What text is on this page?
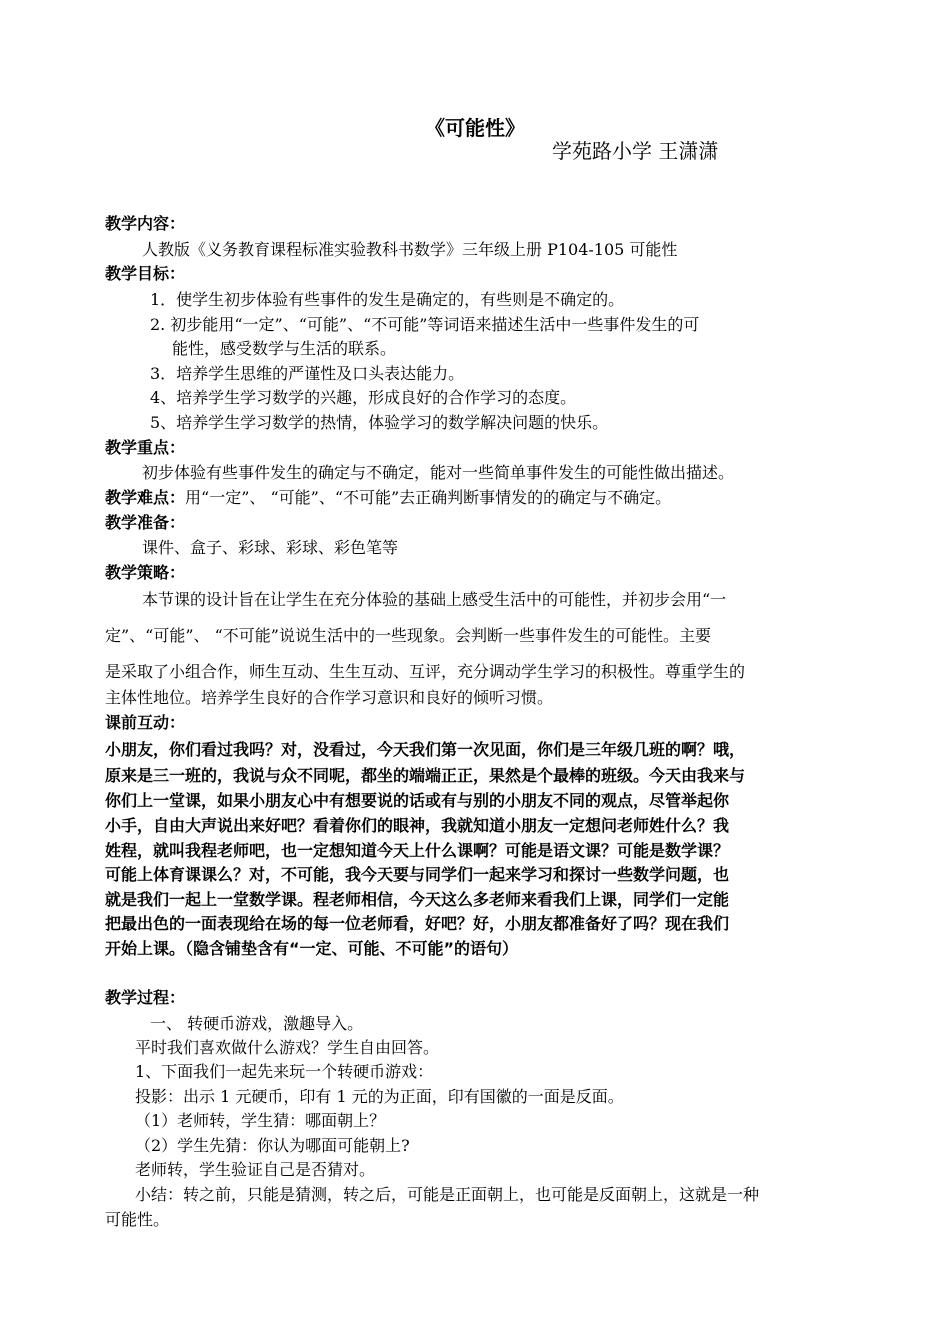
《可能性》
学苑路小学 王潇潇
教学内容：
人教版《义务教育课程标准实验教科书数学》三年级上册 P104-105 可能性
教学目标：
1．使学生初步体验有些事件的发生是确定的，有些则是不确定的。
2. 初步能用“一定”、“可能”、“不可能”等词语来描述生活中一些事件发生的可
能性，感受数学与生活的联系。
3．培养学生思维的严谨性及口头表达能力。
4、培养学生学习数学的兴趣，形成良好的合作学习的态度。
5、培养学生学习数学的热情，体验学习的数学解决问题的快乐。
教学重点：
初步体验有些事件发生的确定与不确定，能对一些简单事件发生的可能性做出描述。
教学难点：用“一定”、 “可能”、“不可能”去正确判断事情发的的确定与不确定。
教学准备：
课件、盒子、彩球、彩球、彩色笔等
教学策略：
本节课的设计旨在让学生在充分体验的基础上感受生活中的可能性，并初步会用“一
定”、“可能”、 “不可能”说说生活中的一些现象。会判断一些事件发生的可能性。主要
是采取了小组合作，师生互动、生生互动、互评，充分调动学生学习的积极性。尊重学生的
主体性地位。培养学生良好的合作学习意识和良好的倾听习惯。
课前互动：
小朋友，你们看过我吗？对，没看过，今天我们第一次见面，你们是三年级几班的啊？哦，
原来是三一班的，我说与众不同呢，都坐的端端正正，果然是个最棒的班级。今天由我来与
你们上一堂课，如果小朋友心中有想要说的话或有与别的小朋友不同的观点，尽管举起你
小手，自由大声说出来好吧？看着你们的眼神，我就知道小朋友一定想问老师姓什么？我
姓程，就叫我程老师吧，也一定想知道今天上什么课啊？可能是语文课？可能是数学课？
可能上体育课课么？对，不可能，我今天要与同学们一起来学习和探讨一些数学问题，也
就是我们一起上一堂数学课。程老师相信，今天这么多老师来看我们上课，同学们一定能
把最出色的一面表现给在场的每一位老师看，好吧？好，小朋友都准备好了吗？现在我们
开始上课。（隐含铺垫含有“一定、可能、不可能”的语句）
教学过程：
一、 转硬币游戏，激趣导入。
平时我们喜欢做什么游戏？学生自由回答。
1、下面我们一起先来玩一个转硬币游戏：
投影：出示 1 元硬币，印有 1 元的为正面，印有国徽的一面是反面。
（1）老师转，学生猜：哪面朝上？
（2）学生先猜：你认为哪面可能朝上?
老师转，学生验证自己是否猜对。
小结：转之前，只能是猜测，转之后，可能是正面朝上，也可能是反面朝上，这就是一种
可能性。
